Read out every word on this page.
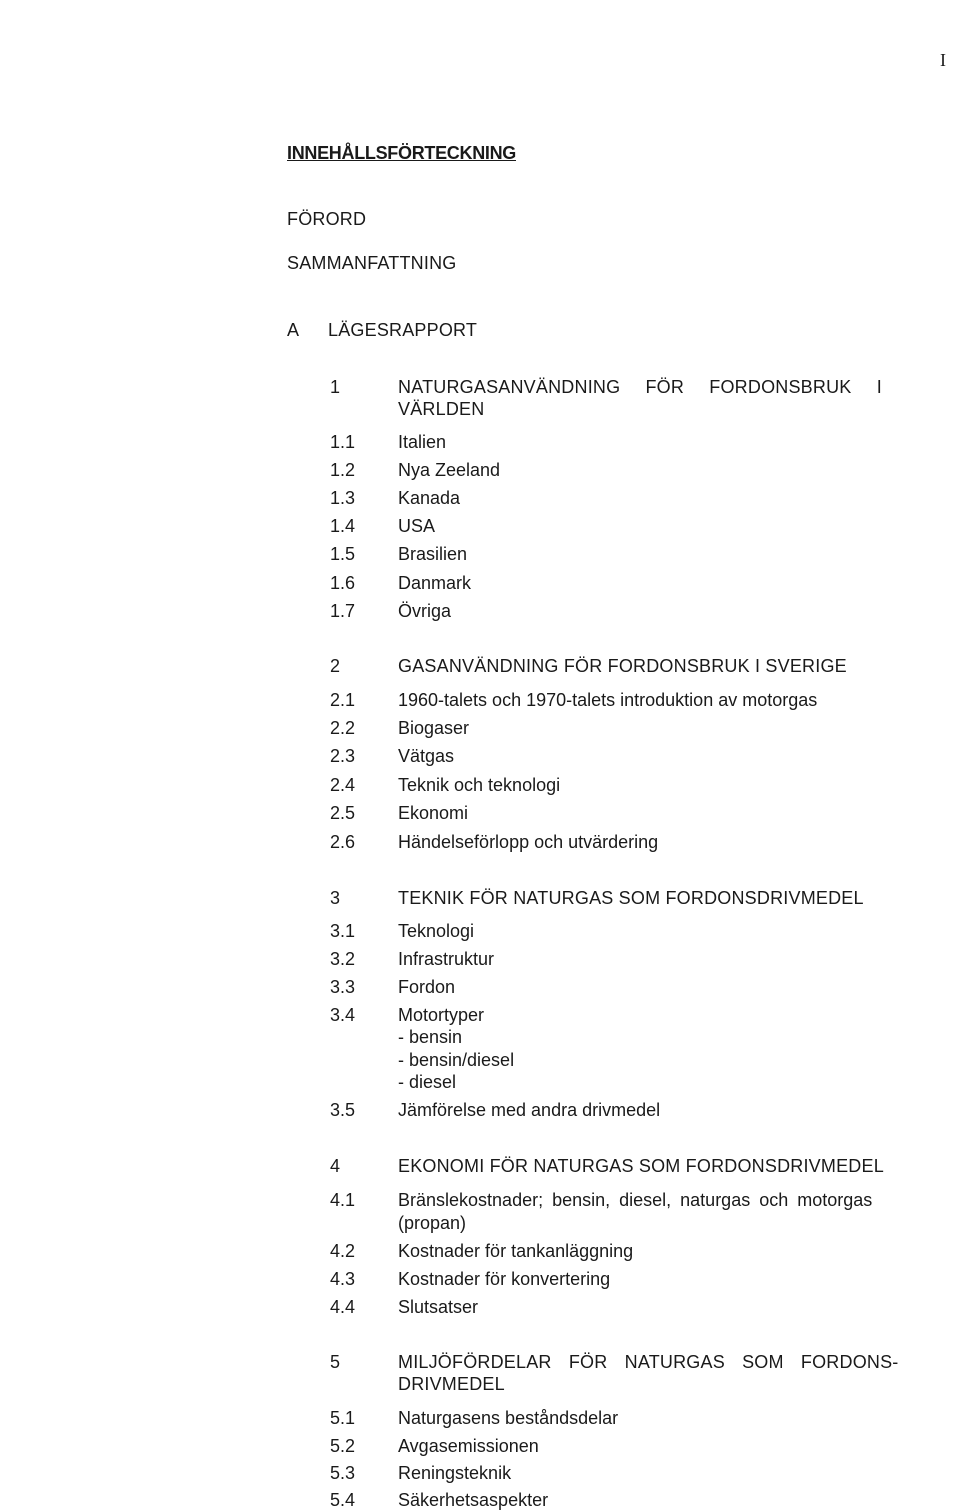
I
INNEHÅLLSFÖRTECKNING
FÖRORD
SAMMANFATTNING
A LÄGESRAPPORT
1	NATURGASANVÄNDNING FÖR FORDONSBRUK I
VÄRLDEN
1.1 Italien
1.2 Nya Zeeland
1.3 Kanada
1.4 USA
1.5 Brasilien
1.6 Danmark
1.7 Övriga
2	GASANVÄNDNING FÖR FORDONSBRUK I SVERIGE
2.1 1960-talets och 1970-talets introduktion av motorgas
2.2 Biogaser
2.3 Vätgas
2.4 Teknik och teknologi
2.5 Ekonomi
2.6 Händelseförlopp och utvärdering
3	TEKNIK FÖR NATURGAS SOM FORDONSDRIVMEDEL
3.1 Teknologi
3.2 Infrastruktur
3.3 Fordon
3.4 Motortyper
- bensin
- bensin/diesel
- diesel
3.5 Jämförelse med andra drivmedel
4	EKONOMI FÖR NATURGAS SOM FORDONSDRIVMEDEL
4.1 Bränslekostnader; bensin, diesel, naturgas och motorgas
(propan)
4.2 Kostnader för tankanläggning
4.3 Kostnader för konvertering
4.4 Slutsatser
5	MILJÖFÖRDELAR FÖR NATURGAS SOM FORDONS-
DRIVMEDEL
5.1 Naturgasens beståndsdelar
5.2 Avgasemissionen
5.3 Reningsteknik
5.4 Säkerhetsaspekter
